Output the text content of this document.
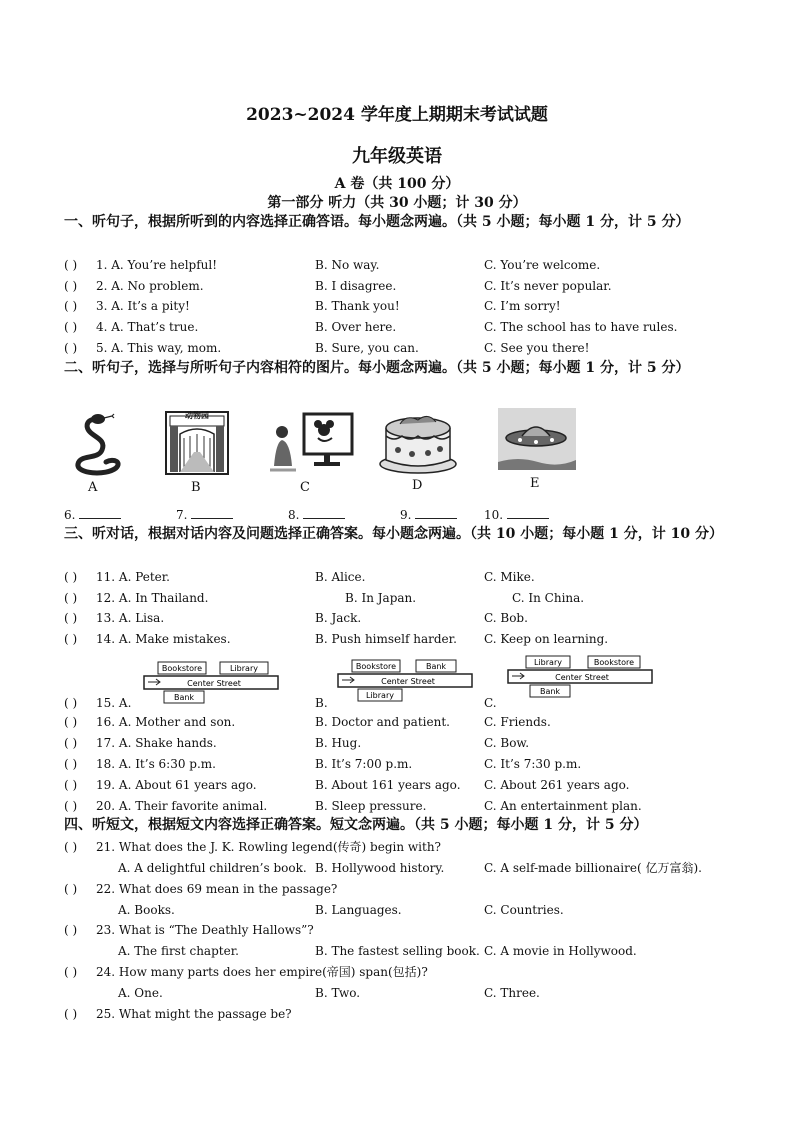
2023~2024 学年度上期期末考试试题
九年级英语
A 卷（共 100 分）
第一部分 听力（共 30 小题；计 30 分）
一、听句子，根据所听到的内容选择正确答语。每小题念两遍。（共 5 小题；每小题 1 分，计 5 分）
( ) 1. A. You’re helpful!	B. No way.	C. You’re welcome.
( ) 2. A. No problem.	B. I disagree.	C. It’s never popular.
( ) 3. A. It’s a pity!	B. Thank you!	C. I’m sorry!
( ) 4. A. That’s true.	B. Over here.	C. The school has to have rules.
( ) 5. A. This way, mom.	B. Sure, you can.	C. See you there!
二、听句子，选择与所听句子内容相符的图片。每小题念两遍。（共 5 小题；每小题 1 分，计 5 分）
A
动物园
B	C	D	E
6.	7.	8.	9.	10.
三、听对话，根据对话内容及问题选择正确答案。每小题念两遍。（共 10 小题；每小题 1 分，计 10 分）
( ) 11. A. Peter.	B. Alice.	C. Mike.
( ) 12. A. In Thailand.	B. In Japan.	C. In China.
( ) 13. A. Lisa.	B. Jack.	C. Bob.
( ) 14. A. Make mistakes.	B. Push himself harder. C. Keep on learning.
Bookstore	Library
Center Street
Bank
Bookstore	Bank
Center Street
Library
Library	Bookstore
Center Street
Bank
( ) 15. A.	B.	C.
( ) 16. A. Mother and son.	B. Doctor and patient.	C. Friends.
( ) 17. A. Shake hands.	B. Hug.	C. Bow.
( ) 18. A. It’s 6:30 p.m.	B. It’s 7:00 p.m.	C. It’s 7:30 p.m.
( ) 19. A. About 61 years ago.	B. About 161 years ago. C. About 261 years ago.
( ) 20. A. Their favorite animal.	B. Sleep pressure.	C. An entertainment plan.
四、听短文，根据短文内容选择正确答案。短文念两遍。（共 5 小题；每小题 1 分，计 5 分）
( ) 21. What does the J. K. Rowling legend(传奇) begin with?
A. A delightful children’s book. B. Hollywood history.	C. A self-made billionaire( 亿万富翁).
( ) 22. What does 69 mean in the passage?
A. Books.	B. Languages.	C. Countries.
( ) 23. What is “The Deathly Hallows”?
A. The first chapter.	B. The fastest selling book. C. A movie in Hollywood.
( ) 24. How many parts does her empire(帝国) span(包括)?
A. One.	B. Two.	C. Three.
( ) 25. What might the passage be?
